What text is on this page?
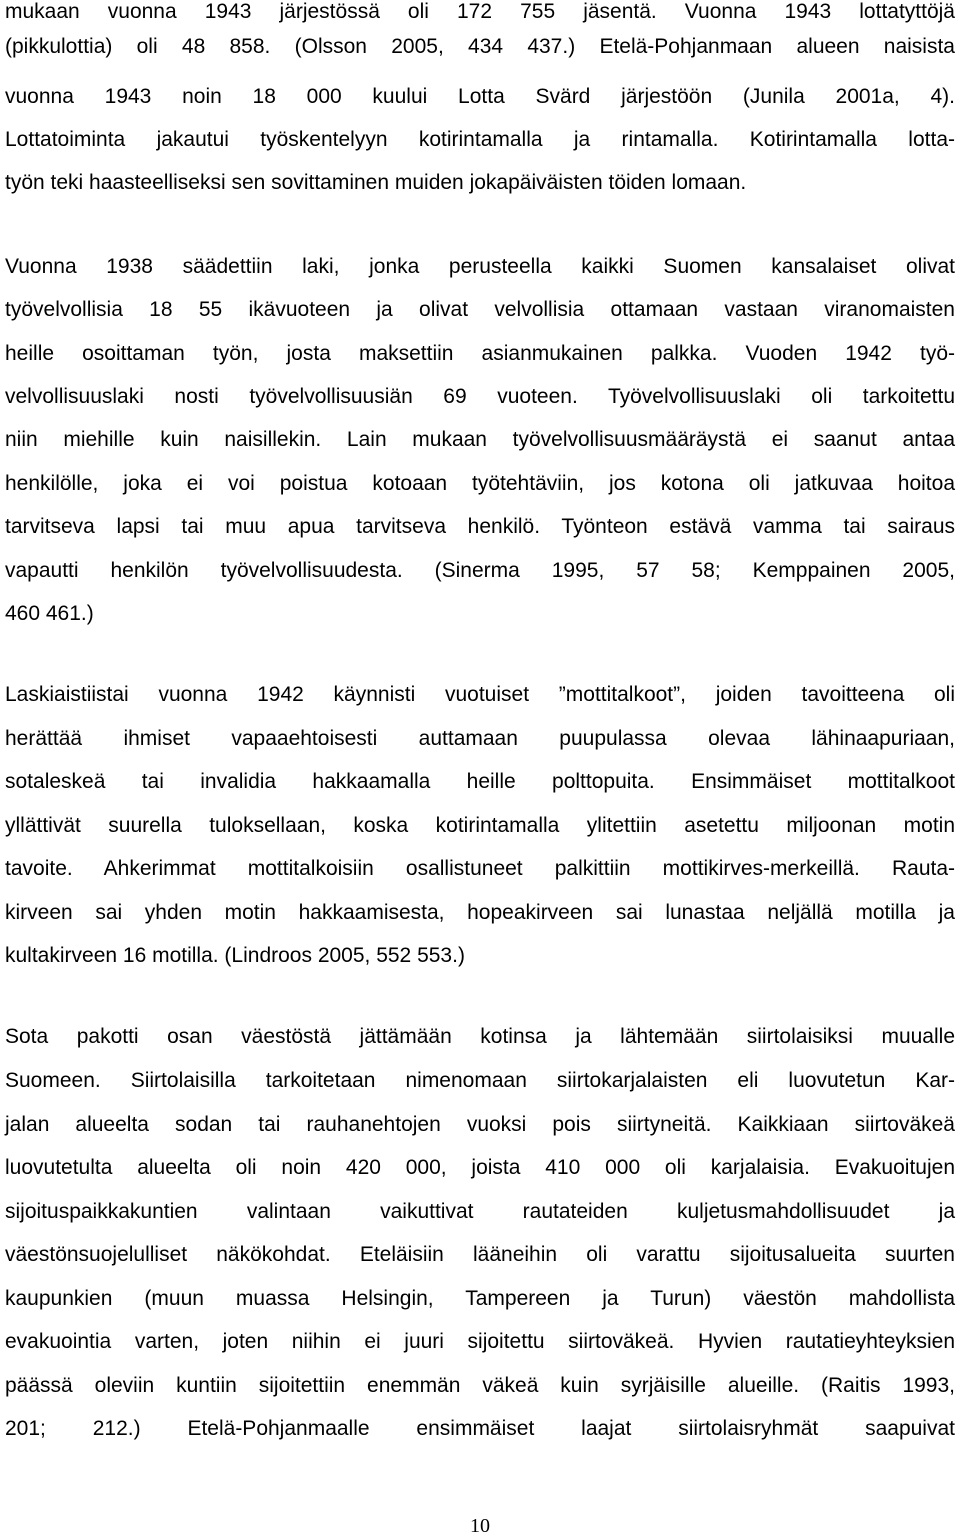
mukaan vuonna 1943 järjestössä oli 172 755 jäsentä. Vuonna 1943 lottatyttöjä
(pikkulottia) oli 48 858. (Olsson 2005, 434 437.) Etelä-Pohjanmaan alueen naisista
vuonna 1943 noin 18 000 kuului Lotta Svärd järjestöön (Junila 2001a, 4).
Lottatoiminta jakautui työskentelyyn kotirintamalla ja rintamalla. Kotirintamalla lotta-
työn teki haasteelliseksi sen sovittaminen muiden jokapäiväisten töiden lomaan.
Vuonna 1938 säädettiin laki, jonka perusteella kaikki Suomen kansalaiset olivat
työvelvollisia 18 55 ikävuoteen ja olivat velvollisia ottamaan vastaan viranomaisten
heille osoittaman työn, josta maksettiin asianmukainen palkka. Vuoden 1942 työ-
velvollisuuslaki nosti työvelvollisuusiän 69 vuoteen. Työvelvollisuuslaki oli tarkoitettu
niin miehille kuin naisillekin. Lain mukaan työvelvollisuusmääräystä ei saanut antaa
henkilölle, joka ei voi poistua kotoaan työtehtäviin, jos kotona oli jatkuvaa hoitoa
tarvitseva lapsi tai muu apua tarvitseva henkilö. Työnteon estävä vamma tai sairaus
vapautti henkilön työvelvollisuudesta. (Sinerma 1995, 57 58; Kemppainen 2005,
460 461.)
Laskiaistiistai vuonna 1942 käynnisti vuotuiset ”mottitalkoot”, joiden tavoitteena oli
herättää ihmiset vapaaehtoisesti auttamaan puupulassa olevaa lähinaapuriaan,
sotaleskeä tai invalidia hakkaamalla heille polttopuita. Ensimmäiset mottitalkoot
yllättivät suurella tuloksellaan, koska kotirintamalla ylitettiin asetettu miljoonan motin
tavoite. Ahkerimmat mottitalkoisiin osallistuneet palkittiin mottikirves-merkeillä. Rauta-
kirveen sai yhden motin hakkaamisesta, hopeakirveen sai lunastaa neljällä motilla ja
kultakirveen 16 motilla. (Lindroos 2005, 552 553.)
Sota pakotti osan väestöstä jättämään kotinsa ja lähtemään siirtolaisiksi muualle
Suomeen. Siirtolaisilla tarkoitetaan nimenomaan siirtokarjalaisten eli luovutetun Kar-
jalan alueelta sodan tai rauhanehtojen vuoksi pois siirtyneitä. Kaikkiaan siirtoväkeä
luovutetulta alueelta oli noin 420 000, joista 410 000 oli karjalaisia. Evakuoitujen
sijoituspaikkakuntien valintaan vaikuttivat rautateiden kuljetusmahdollisuudet ja
väestönsuojelulliset näkökohdat. Eteläisiin lääneihin oli varattu sijoitusalueita suurten
kaupunkien (muun muassa Helsingin, Tampereen ja Turun) väestön mahdollista
evakuointia varten, joten niihin ei juuri sijoitettu siirtoväkeä. Hyvien rautatieyhteyksien
päässä oleviin kuntiin sijoitettiin enemmän väkeä kuin syrjäisille alueille. (Raitis 1993,
201; 212.) Etelä-Pohjanmaalle ensimmäiset laajat siirtolaisryhmät saapuivat
10
